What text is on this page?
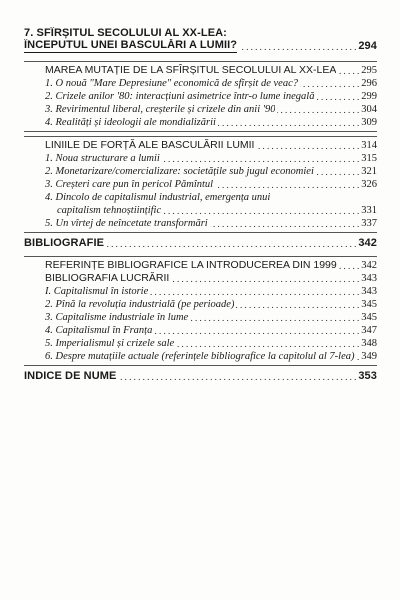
7. SFÎRȘITUL SECOLULUI AL XX-LEA:
ÎNCEPUTUL UNEI BASCULĂRI A LUMII? . . .	294
MAREA MUTAȚIE DE LA SFÎRȘITUL SECOLULUI AL XX-LEA . . . 295
1. O nouă "Mare Depresiune" economică de sfîrșit de veac? . . .	296
2. Crizele anilor '80: interacțiuni asimetrice într-o lume inegală . . .	299
3. Revirimentul liberal, creșterile și crizele din anii '90 . . .	304
4. Realități și ideologii ale mondializării . . .	309
LINIILE DE FORȚĂ ALE BASCULĂRII LUMII . . .	314
1. Noua structurare a lumii . . .	315
2. Monetarizare/comercializare: societățile sub jugul economiei . . .	321
3. Creșteri care pun în pericol Pămîntul . . .	326
4. Dincolo de capitalismul industrial, emergența unui
capitalism tehnoștiințific . . .	331
5. Un vîrtej de neîncetate transformări . . .	337
BIBLIOGRAFIE . . .	342
REFERINȚE BIBLIOGRAFICE LA INTRODUCEREA DIN 1999 . . . 342
BIBLIOGRAFIA LUCRĂRII . . .	343
I. Capitalismul în istorie . . .	343
2. Pînă la revoluția industrială (pe perioade) . . .	345
3. Capitalisme industriale în lume . . .	345
4. Capitalismul în Franța . . .	347
5. Imperialismul și crizele sale . . .	348
6. Despre mutațiile actuale (referințele bibliografice la capitolul al 7-lea) . . . 349
INDICE DE NUME . . .	353
